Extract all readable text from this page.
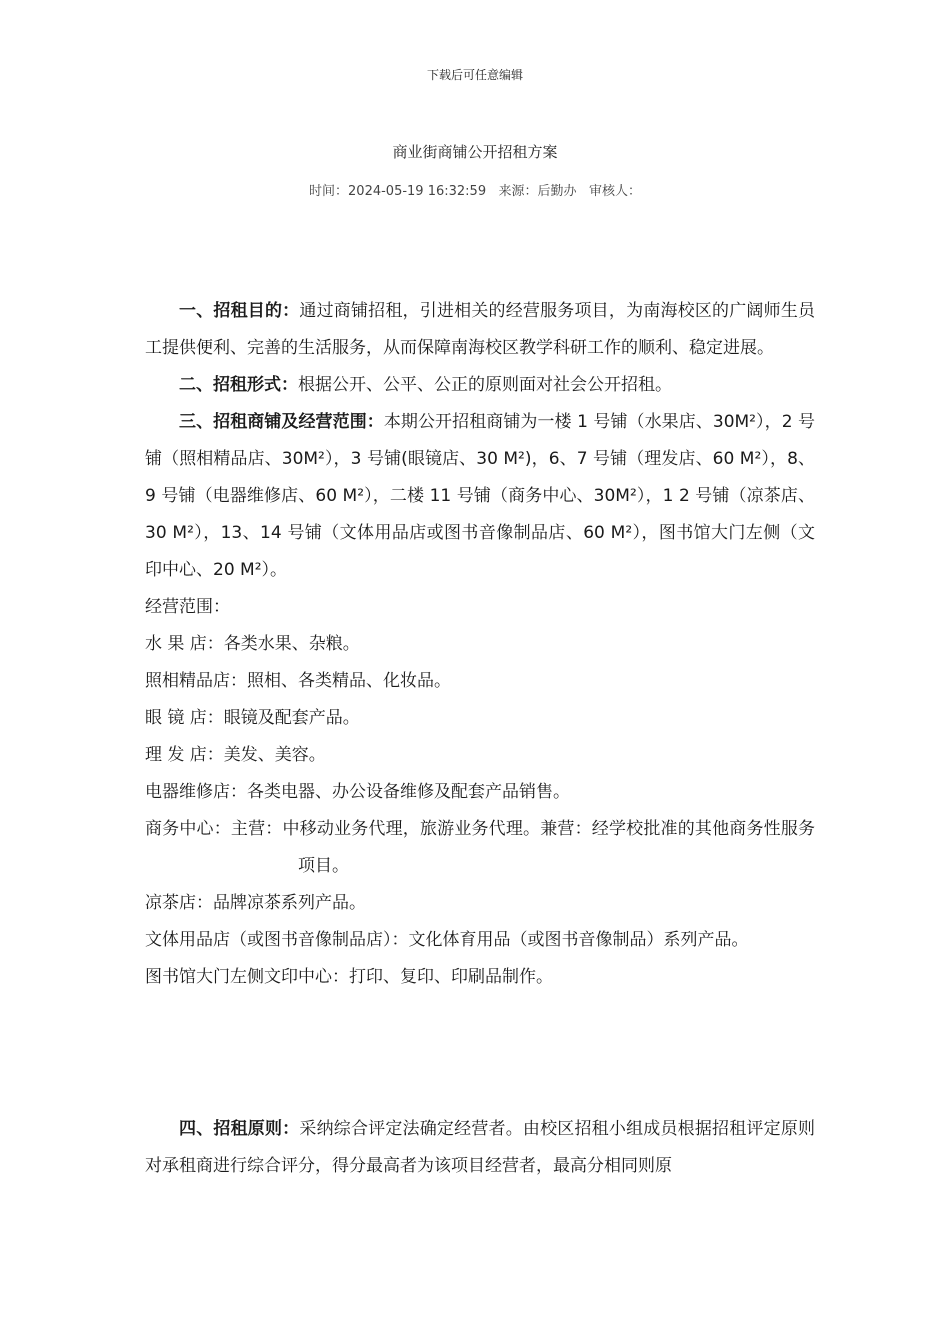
下载后可任意编辑
商业街商铺公开招租方案
时间：2024-05-19 16:32:59 来源：后勤办 审核人：

一、招租目的：通过商铺招租，引进相关的经营服务项目，为南海校区的广阔师生员工提供便利、完善的生活服务，从而保障南海校区教学科研工作的顺利、稳定进展。

二、招租形式：根据公开、公平、公正的原则面对社会公开招租。

三、招租商铺及经营范围：本期公开招租商铺为一楼 1 号铺（水果店、30M²），2 号铺（照相精品店、30M²），3 号铺(眼镜店、30 M²)，6、7 号铺（理发店、60 M²），8、9 号铺（电器维修店、60 M²），二楼 11 号铺（商务中心、30M²），1 2 号铺（凉茶店、30 M²），13、14 号铺（文体用品店或图书音像制品店、60 M²），图书馆大门左侧（文印中心、20 M²）。

经营范围：

水 果 店：各类水果、杂粮。

照相精品店：照相、各类精品、化妆品。

眼 镜 店：眼镜及配套产品。

理 发 店：美发、美容。

电器维修店：各类电器、办公设备维修及配套产品销售。

商务中心：主营：中移动业务代理，旅游业务代理。兼营：经学校批准的其他商务性服务项目。

凉茶店：品牌凉茶系列产品。

文体用品店（或图书音像制品店）：文化体育用品（或图书音像制品）系列产品。

图书馆大门左侧文印中心：打印、复印、印刷品制作。

四、招租原则：采纳综合评定法确定经营者。由校区招租小组成员根据招租评定原则对承租商进行综合评分，得分最高者为该项目经营者，最高分相同则原
